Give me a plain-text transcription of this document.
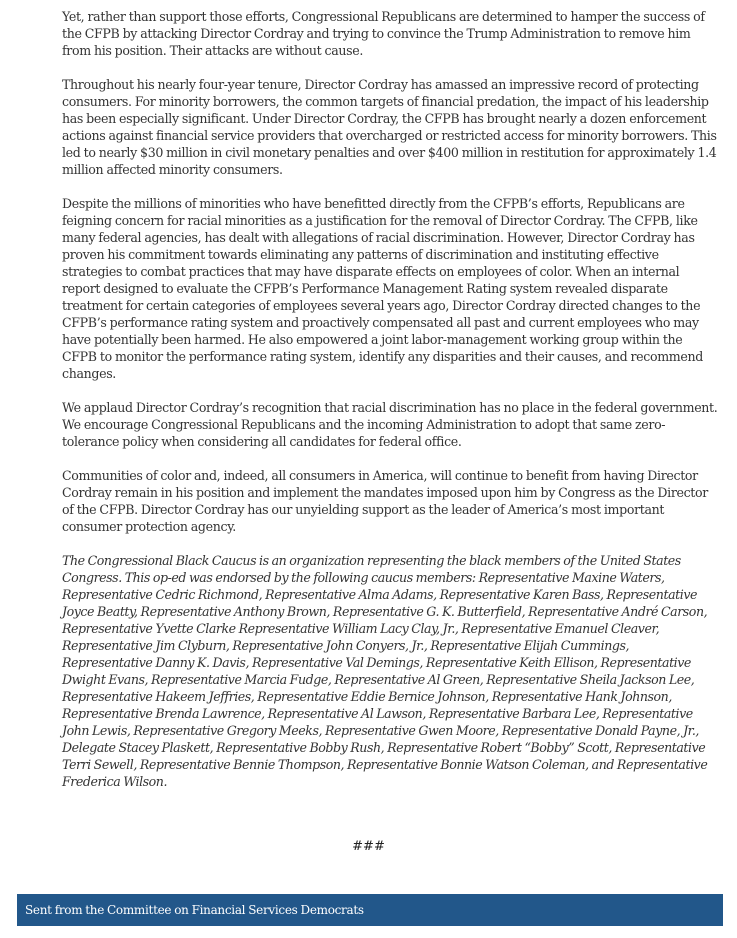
Yet, rather than support those efforts, Congressional Republicans are determined to hamper the success of the CFPB by attacking Director Cordray and trying to convince the Trump Administration to remove him from his position. Their attacks are without cause.

Throughout his nearly four-year tenure, Director Cordray has amassed an impressive record of protecting consumers. For minority borrowers, the common targets of financial predation, the impact of his leadership has been especially significant. Under Director Cordray, the CFPB has brought nearly a dozen enforcement actions against financial service providers that overcharged or restricted access for minority borrowers. This led to nearly $30 million in civil monetary penalties and over $400 million in restitution for approximately 1.4 million affected minority consumers.

Despite the millions of minorities who have benefitted directly from the CFPB’s efforts, Republicans are feigning concern for racial minorities as a justification for the removal of Director Cordray. The CFPB, like many federal agencies, has dealt with allegations of racial discrimination. However, Director Cordray has proven his commitment towards eliminating any patterns of discrimination and instituting effective strategies to combat practices that may have disparate effects on employees of color. When an internal report designed to evaluate the CFPB’s Performance Management Rating system revealed disparate treatment for certain categories of employees several years ago, Director Cordray directed changes to the CFPB’s performance rating system and proactively compensated all past and current employees who may have potentially been harmed. He also empowered a joint labor-management working group within the CFPB to monitor the performance rating system, identify any disparities and their causes, and recommend changes.

We applaud Director Cordray’s recognition that racial discrimination has no place in the federal government. We encourage Congressional Republicans and the incoming Administration to adopt that same zero-tolerance policy when considering all candidates for federal office.

Communities of color and, indeed, all consumers in America, will continue to benefit from having Director Cordray remain in his position and implement the mandates imposed upon him by Congress as the Director of the CFPB. Director Cordray has our unyielding support as the leader of America’s most important consumer protection agency.

The Congressional Black Caucus is an organization representing the black members of the United States Congress. This op-ed was endorsed by the following caucus members: Representative Maxine Waters, Representative Cedric Richmond, Representative Alma Adams, Representative Karen Bass, Representative Joyce Beatty, Representative Anthony Brown, Representative G. K. Butterfield, Representative André Carson, Representative Yvette Clarke Representative William Lacy Clay, Jr., Representative Emanuel Cleaver, Representative Jim Clyburn, Representative John Conyers, Jr., Representative Elijah Cummings, Representative Danny K. Davis, Representative Val Demings, Representative Keith Ellison, Representative Dwight Evans, Representative Marcia Fudge, Representative Al Green, Representative Sheila Jackson Lee, Representative Hakeem Jeffries, Representative Eddie Bernice Johnson, Representative Hank Johnson, Representative Brenda Lawrence, Representative Al Lawson, Representative Barbara Lee, Representative John Lewis, Representative Gregory Meeks, Representative Gwen Moore, Representative Donald Payne, Jr., Delegate Stacey Plaskett, Representative Bobby Rush, Representative Robert “Bobby” Scott, Representative Terri Sewell, Representative Bennie Thompson, Representative Bonnie Watson Coleman, and Representative Frederica Wilson.

###
Sent from the Committee on Financial Services Democrats
